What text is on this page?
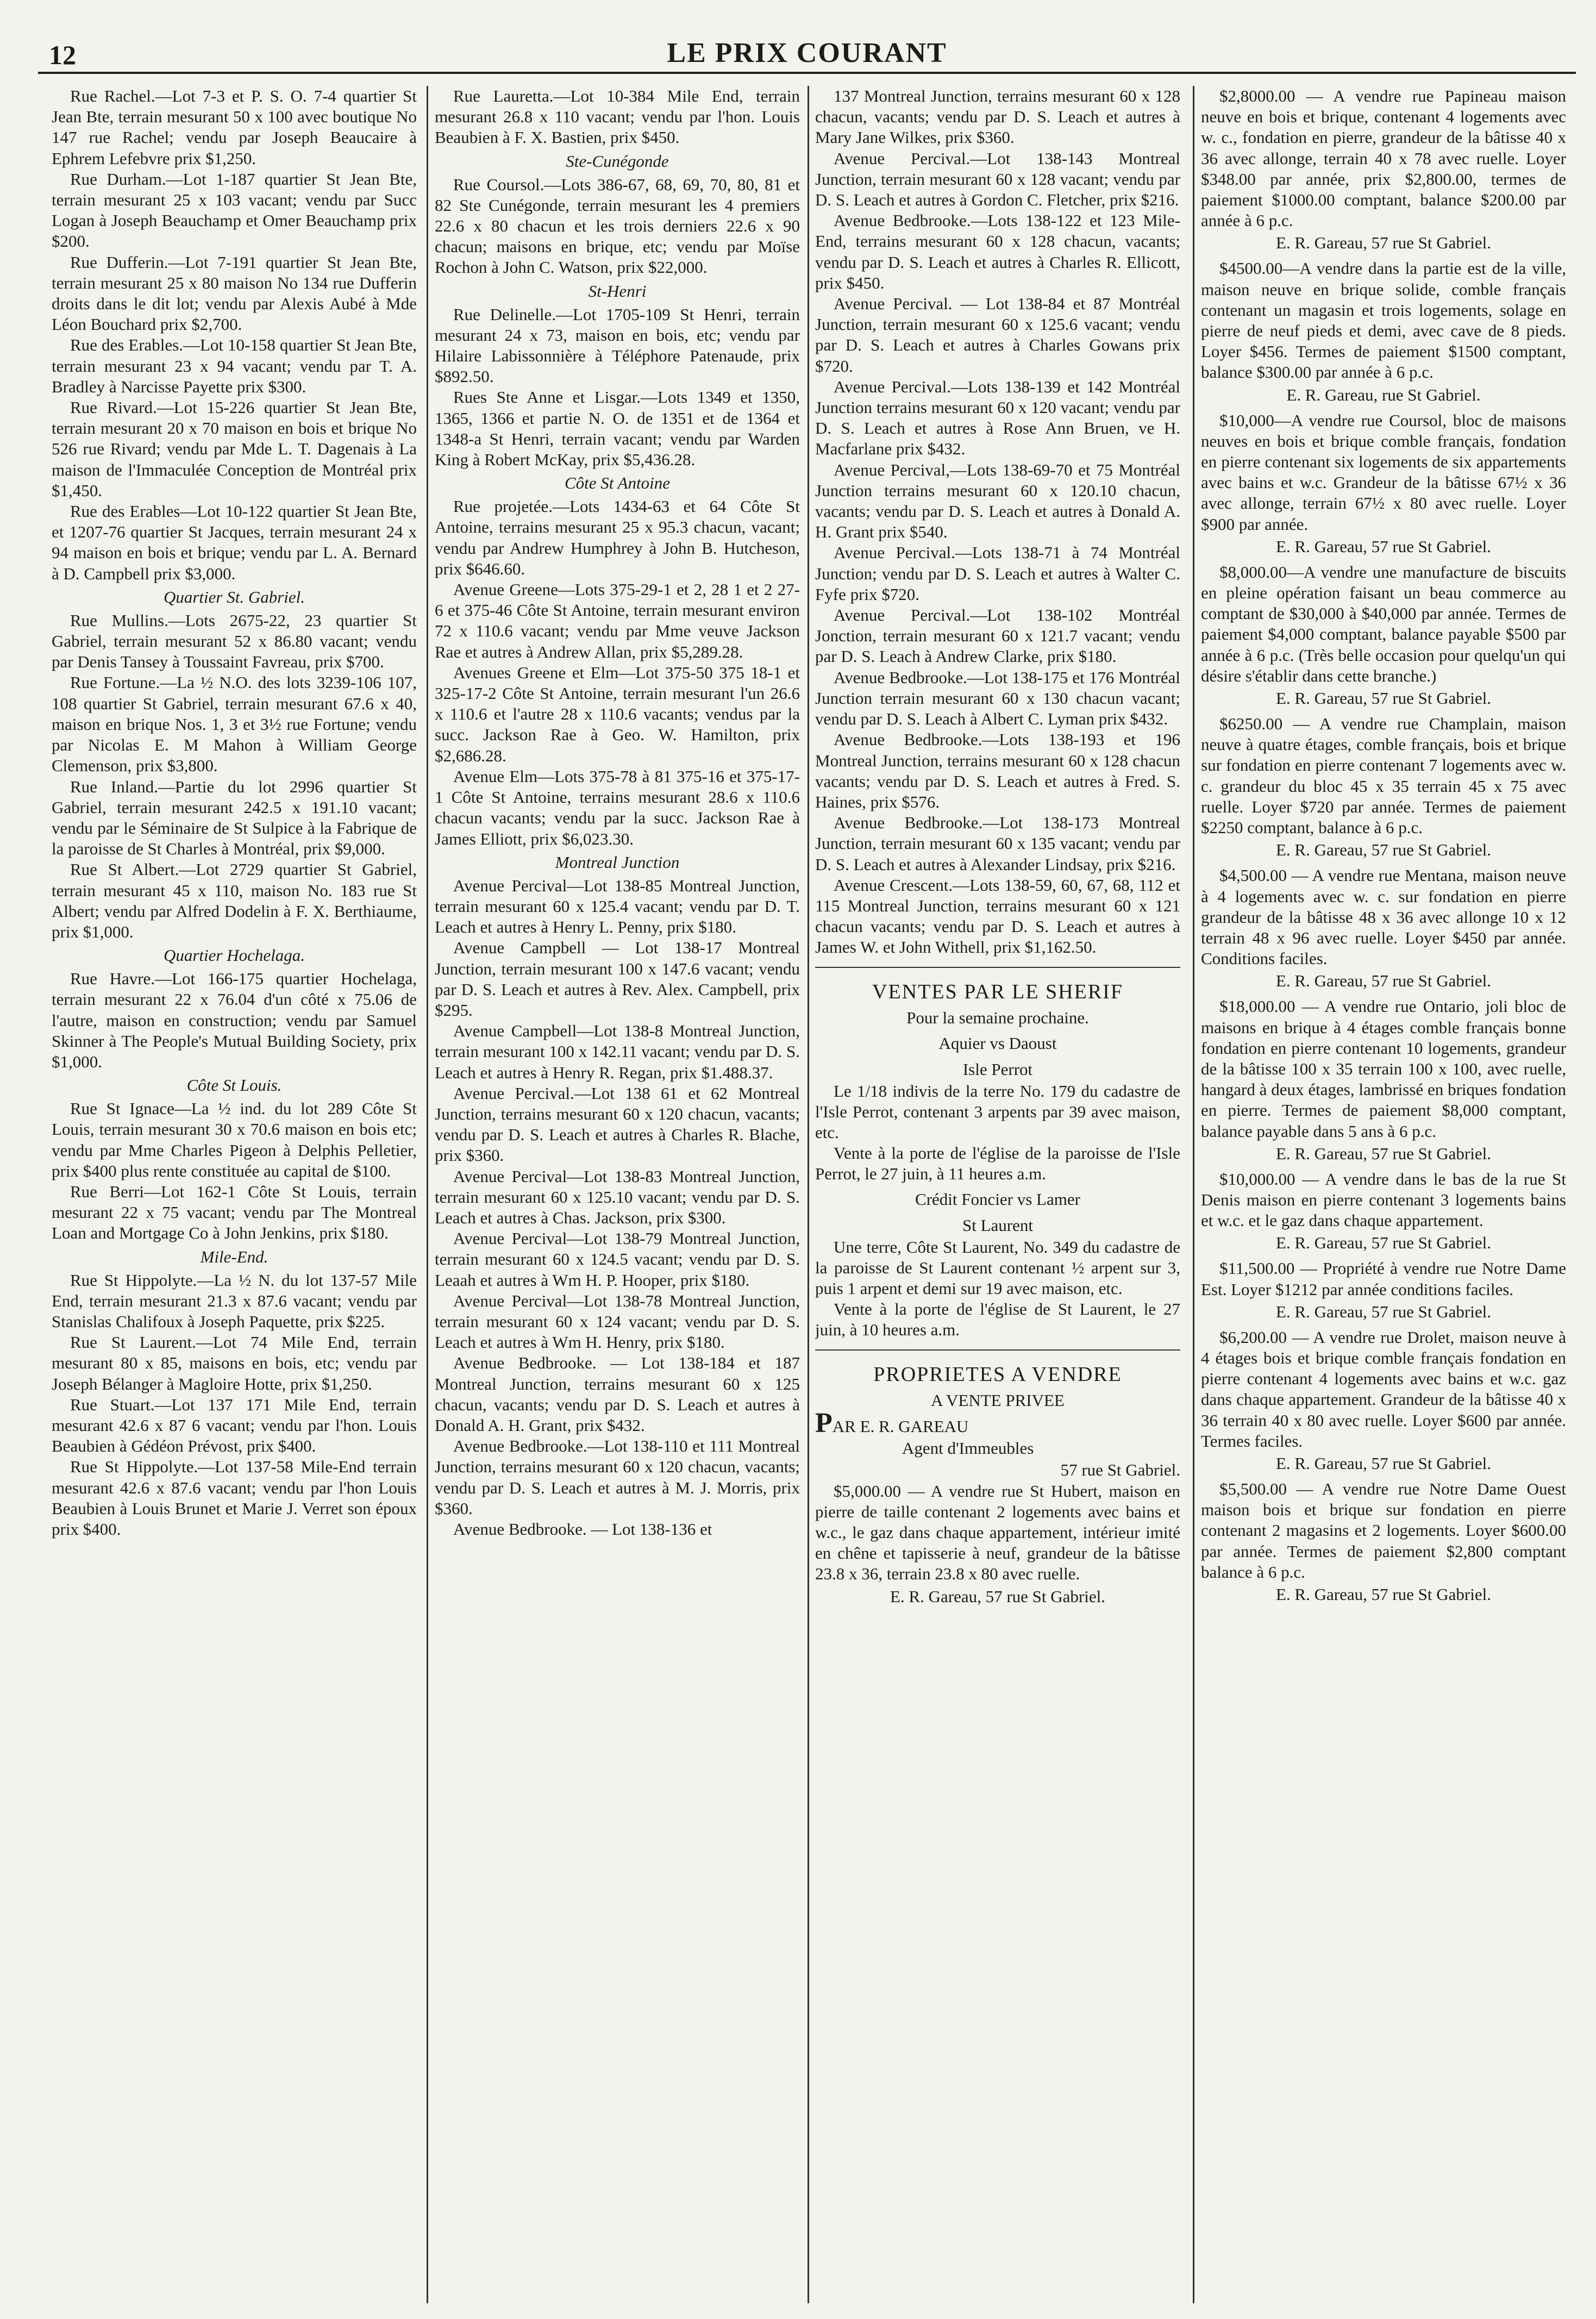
12	LE PRIX COURANT

Rue Rachel.—Lot 7-3 et P. S. O. 7-4 quartier St Jean Bte, terrain mesurant 50 x 100 avec boutique No 147 rue Rachel; vendu par Joseph Beaucaire à Ephrem Lefebvre prix $1,250.

Rue Durham.—Lot 1-187 quartier St Jean Bte, terrain mesurant 25 x 103 vacant; vendu par Succ Logan à Joseph Beauchamp et Omer Beauchamp prix $200.

Rue Dufferin.—Lot 7-191 quartier St Jean Bte, terrain mesurant 25 x 80 maison No 134 rue Dufferin droits dans le dit lot; vendu par Alexis Aubé à Mde Léon Bouchard prix $2,700.

Rue des Erables.—Lot 10-158 quartier St Jean Bte, terrain mesurant 23 x 94 vacant; vendu par T. A. Bradley à Narcisse Payette prix $300.

Rue Rivard.—Lot 15-226 quartier St Jean Bte, terrain mesurant 20 x 70 maison en bois et brique No 526 rue Rivard; vendu par Mde L. T. Dagenais à La maison de l'Immaculée Conception de Montréal prix $1,450.

Rue des Erables—Lot 10-122 quartier St Jean Bte, et 1207-76 quartier St Jacques, terrain mesurant 24 x 94 maison en bois et brique; vendu par L. A. Bernard à D. Campbell prix $3,000.

Quartier St. Gabriel.

Rue Mullins.—Lots 2675-22, 23 quartier St Gabriel, terrain mesurant 52 x 86.80 vacant; vendu par Denis Tansey à Toussaint Favreau, prix $700.

Rue Fortune.—La ½ N.O. des lots 3239-106 107, 108 quartier St Gabriel, terrain mesurant 67.6 x 40, maison en brique Nos. 1, 3 et 3½ rue Fortune; vendu par Nicolas E. M Mahon à William George Clemenson, prix $3,800.

Rue Inland.—Partie du lot 2996 quartier St Gabriel, terrain mesurant 242.5 x 191.10 vacant; vendu par le Séminaire de St Sulpice à la Fabrique de la paroisse de St Charles à Montréal, prix $9,000.

Rue St Albert.—Lot 2729 quartier St Gabriel, terrain mesurant 45 x 110, maison No. 183 rue St Albert; vendu par Alfred Dodelin à F. X. Berthiaume, prix $1,000.

Quartier Hochelaga.

Rue Havre.—Lot 166-175 quartier Hochelaga, terrain mesurant 22 x 76.04 d'un côté x 75.06 de l'autre, maison en construction; vendu par Samuel Skinner à The People's Mutual Building Society, prix $1,000.

Côte St Louis.

Rue St Ignace—La ½ ind. du lot 289 Côte St Louis, terrain mesurant 30 x 70.6 maison en bois etc; vendu par Mme Charles Pigeon à Delphis Pelletier, prix $400 plus rente constituée au capital de $100.

Rue Berri—Lot 162-1 Côte St Louis, terrain mesurant 22 x 75 vacant; vendu par The Montreal Loan and Mortgage Co à John Jenkins, prix $180.

Mile-End.

Rue St Hippolyte.—La ½ N. du lot 137-57 Mile End, terrain mesurant 21.3 x 87.6 vacant; vendu par Stanislas Chalifoux à Joseph Paquette, prix $225.

Rue St Laurent.—Lot 74 Mile End, terrain mesurant 80 x 85, maisons en bois, etc; vendu par Joseph Bélanger à Magloire Hotte, prix $1,250.

Rue Stuart.—Lot 137 171 Mile End, terrain mesurant 42.6 x 87 6 vacant; vendu par l'hon. Louis Beaubien à Gédéon Prévost, prix $400.

Rue St Hippolyte.—Lot 137-58 Mile-End terrain mesurant 42.6 x 87.6 vacant; vendu par l'hon Louis Beaubien à Louis Brunet et Marie J. Verret son époux prix $400.

Rue Lauretta.—Lot 10-384 Mile End, terrain mesurant 26.8 x 110 vacant; vendu par l'hon. Louis Beaubien à F. X. Bastien, prix $450.

Ste-Cunégonde

Rue Coursol.—Lots 386-67, 68, 69, 70, 80, 81 et 82 Ste Cunégonde, terrain mesurant les 4 premiers 22.6 x 80 chacun et les trois derniers 22.6 x 90 chacun; maisons en brique, etc; vendu par Moïse Rochon à John C. Watson, prix $22,000.

St-Henri

Rue Delinelle.—Lot 1705-109 St Henri, terrain mesurant 24 x 73, maison en bois, etc; vendu par Hilaire Labissonnière à Téléphore Patenaude, prix $892.50.

Rues Ste Anne et Lisgar.—Lots 1349 et 1350, 1365, 1366 et partie N. O. de 1351 et de 1364 et 1348-a St Henri, terrain vacant; vendu par Warden King à Robert McKay, prix $5,436.28.

Côte St Antoine

Rue projetée.—Lots 1434-63 et 64 Côte St Antoine, terrains mesurant 25 x 95.3 chacun, vacant; vendu par Andrew Humphrey à John B. Hutcheson, prix $646.60.

Avenue Greene—Lots 375-29-1 et 2, 28 1 et 2 27-6 et 375-46 Côte St Antoine, terrain mesurant environ 72 x 110.6 vacant; vendu par Mme veuve Jackson Rae et autres à Andrew Allan, prix $5,289.28.

Avenues Greene et Elm—Lot 375-50 375 18-1 et 325-17-2 Côte St Antoine, terrain mesurant l'un 26.6 x 110.6 et l'autre 28 x 110.6 vacants; vendus par la succ. Jackson Rae à Geo. W. Hamilton, prix $2,686.28.

Avenue Elm—Lots 375-78 à 81 375-16 et 375-17-1 Côte St Antoine, terrains mesurant 28.6 x 110.6 chacun vacants; vendu par la succ. Jackson Rae à James Elliott, prix $6,023.30.

Montreal Junction

Avenue Percival—Lot 138-85 Montreal Junction, terrain mesurant 60 x 125.4 vacant; vendu par D. T. Leach et autres à Henry L. Penny, prix $180.

Avenue Campbell — Lot 138-17 Montreal Junction, terrain mesurant 100 x 147.6 vacant; vendu par D. S. Leach et autres à Rev. Alex. Campbell, prix $295.

Avenue Campbell—Lot 138-8 Montreal Junction, terrain mesurant 100 x 142.11 vacant; vendu par D. S. Leach et autres à Henry R. Regan, prix $1.488.37.

Avenue Percival.—Lot 138 61 et 62 Montreal Junction, terrains mesurant 60 x 120 chacun, vacants; vendu par D. S. Leach et autres à Charles R. Blache, prix $360.

Avenue Percival—Lot 138-83 Montreal Junction, terrain mesurant 60 x 125.10 vacant; vendu par D. S. Leach et autres à Chas. Jackson, prix $300.

Avenue Percival—Lot 138-79 Montreal Junction, terrain mesurant 60 x 124.5 vacant; vendu par D. S. Leaah et autres à Wm H. P. Hooper, prix $180.

Avenue Percival—Lot 138-78 Montreal Junction, terrain mesurant 60 x 124 vacant; vendu par D. S. Leach et autres à Wm H. Henry, prix $180.

Avenue Bedbrooke. — Lot 138-184 et 187 Montreal Junction, terrains mesurant 60 x 125 chacun, vacants; vendu par D. S. Leach et autres à Donald A. H. Grant, prix $432.

Avenue Bedbrooke.—Lot 138-110 et 111 Montreal Junction, terrains mesurant 60 x 120 chacun, vacants; vendu par D. S. Leach et autres à M. J. Morris, prix $360.

Avenue Bedbrooke. — Lot 138-136 et

137 Montreal Junction, terrains mesurant 60 x 128 chacun, vacants; vendu par D. S. Leach et autres à Mary Jane Wilkes, prix $360.

Avenue Percival.—Lot 138-143 Montreal Junction, terrain mesurant 60 x 128 vacant; vendu par D. S. Leach et autres à Gordon C. Fletcher, prix $216.

Avenue Bedbrooke.—Lots 138-122 et 123 Mile-End, terrains mesurant 60 x 128 chacun, vacants; vendu par D. S. Leach et autres à Charles R. Ellicott, prix $450.

Avenue Percival. — Lot 138-84 et 87 Montréal Junction, terrain mesurant 60 x 125.6 vacant; vendu par D. S. Leach et autres à Charles Gowans prix $720.

Avenue Percival.—Lots 138-139 et 142 Montréal Junction terrains mesurant 60 x 120 vacant; vendu par D. S. Leach et autres à Rose Ann Bruen, ve H. Macfarlane prix $432.

Avenue Percival,—Lots 138-69-70 et 75 Montréal Junction terrains mesurant 60 x 120.10 chacun, vacants; vendu par D. S. Leach et autres à Donald A. H. Grant prix $540.

Avenue Percival.—Lots 138-71 à 74 Montréal Junction; vendu par D. S. Leach et autres à Walter C. Fyfe prix $720.

Avenue Percival.—Lot 138-102 Montréal Jonction, terrain mesurant 60 x 121.7 vacant; vendu par D. S. Leach à Andrew Clarke, prix $180.

Avenue Bedbrooke.—Lot 138-175 et 176 Montréal Junction terrain mesurant 60 x 130 chacun vacant; vendu par D. S. Leach à Albert C. Lyman prix $432.

Avenue Bedbrooke.—Lots 138-193 et 196 Montreal Junction, terrains mesurant 60 x 128 chacun vacants; vendu par D. S. Leach et autres à Fred. S. Haines, prix $576.

Avenue Bedbrooke.—Lot 138-173 Montreal Junction, terrain mesurant 60 x 135 vacant; vendu par D. S. Leach et autres à Alexander Lindsay, prix $216.

Avenue Crescent.—Lots 138-59, 60, 67, 68, 112 et 115 Montreal Junction, terrains mesurant 60 x 121 chacun vacants; vendu par D. S. Leach et autres à James W. et John Withell, prix $1,162.50.

VENTES PAR LE SHERIF
Pour la semaine prochaine.
Aquier vs Daoust
Isle Perrot

Le 1/18 indivis de la terre No. 179 du cadastre de l'Isle Perrot, contenant 3 arpents par 39 avec maison, etc.

Vente à la porte de l'église de la paroisse de l'Isle Perrot, le 27 juin, à 11 heures a.m.

Crédit Foncier vs Lamer
St Laurent

Une terre, Côte St Laurent, No. 349 du cadastre de la paroisse de St Laurent contenant ½ arpent sur 3, puis 1 arpent et demi sur 19 avec maison, etc.

Vente à la porte de l'église de St Laurent, le 27 juin, à 10 heures a.m.

PROPRIETES A VENDRE
A VENTE PRIVEE
PAR E. R. GAREAU
Agent d'Immeubles
57 rue St Gabriel.

$5,000.00 — A vendre rue St Hubert, maison en pierre de taille contenant 2 logements avec bains et w.c., le gaz dans chaque appartement, intérieur imité en chêne et tapisserie à neuf, grandeur de la bâtisse 23.8 x 36, terrain 23.8 x 80 avec ruelle.

E. R. Gareau, 57 rue St Gabriel.

$2,8000.00 — A vendre rue Papineau maison neuve en bois et brique, contenant 4 logements avec w. c., fondation en pierre, grandeur de la bâtisse 40 x 36 avec allonge, terrain 40 x 78 avec ruelle. Loyer $348.00 par année, prix $2,800.00, termes de paiement $1000.00 comptant, balance $200.00 par année à 6 p.c.

E. R. Gareau, 57 rue St Gabriel.

$4500.00—A vendre dans la partie est de la ville, maison neuve en brique solide, comble français contenant un magasin et trois logements, solage en pierre de neuf pieds et demi, avec cave de 8 pieds. Loyer $456. Termes de paiement $1500 comptant, balance $300.00 par année à 6 p.c.

E. R. Gareau, rue St Gabriel.

$10,000—A vendre rue Coursol, bloc de maisons neuves en bois et brique comble français, fondation en pierre contenant six logements de six appartements avec bains et w.c. Grandeur de la bâtisse 67½ x 36 avec allonge, terrain 67½ x 80 avec ruelle. Loyer $900 par année.

E. R. Gareau, 57 rue St Gabriel.

$8,000.00—A vendre une manufacture de biscuits en pleine opération faisant un beau commerce au comptant de $30,000 à $40,000 par année. Termes de paiement $4,000 comptant, balance payable $500 par année à 6 p.c. (Très belle occasion pour quelqu'un qui désire s'établir dans cette branche.)

E. R. Gareau, 57 rue St Gabriel.

$6250.00 — A vendre rue Champlain, maison neuve à quatre étages, comble français, bois et brique sur fondation en pierre contenant 7 logements avec w. c. grandeur du bloc 45 x 35 terrain 45 x 75 avec ruelle. Loyer $720 par année. Termes de paiement $2250 comptant, balance à 6 p.c.

E. R. Gareau, 57 rue St Gabriel.

$4,500.00 — A vendre rue Mentana, maison neuve à 4 logements avec w. c. sur fondation en pierre grandeur de la bâtisse 48 x 36 avec allonge 10 x 12 terrain 48 x 96 avec ruelle. Loyer $450 par année. Conditions faciles.

E. R. Gareau, 57 rue St Gabriel.

$18,000.00 — A vendre rue Ontario, joli bloc de maisons en brique à 4 étages comble français bonne fondation en pierre contenant 10 logements, grandeur de la bâtisse 100 x 35 terrain 100 x 100, avec ruelle, hangard à deux étages, lambrissé en briques fondation en pierre. Termes de paiement $8,000 comptant, balance payable dans 5 ans à 6 p.c.

E. R. Gareau, 57 rue St Gabriel.

$10,000.00 — A vendre dans le bas de la rue St Denis maison en pierre contenant 3 logements bains et w.c. et le gaz dans chaque appartement.

E. R. Gareau, 57 rue St Gabriel.

$11,500.00 — Propriété à vendre rue Notre Dame Est. Loyer $1212 par année conditions faciles.

E. R. Gareau, 57 rue St Gabriel.

$6,200.00 — A vendre rue Drolet, maison neuve à 4 étages bois et brique comble français fondation en pierre contenant 4 logements avec bains et w.c. gaz dans chaque appartement. Grandeur de la bâtisse 40 x 36 terrain 40 x 80 avec ruelle. Loyer $600 par année. Termes faciles.

E. R. Gareau, 57 rue St Gabriel.

$5,500.00 — A vendre rue Notre Dame Ouest maison bois et brique sur fondation en pierre contenant 2 magasins et 2 logements. Loyer $600.00 par année. Termes de paiement $2,800 comptant balance à 6 p.c.

E. R. Gareau, 57 rue St Gabriel.
